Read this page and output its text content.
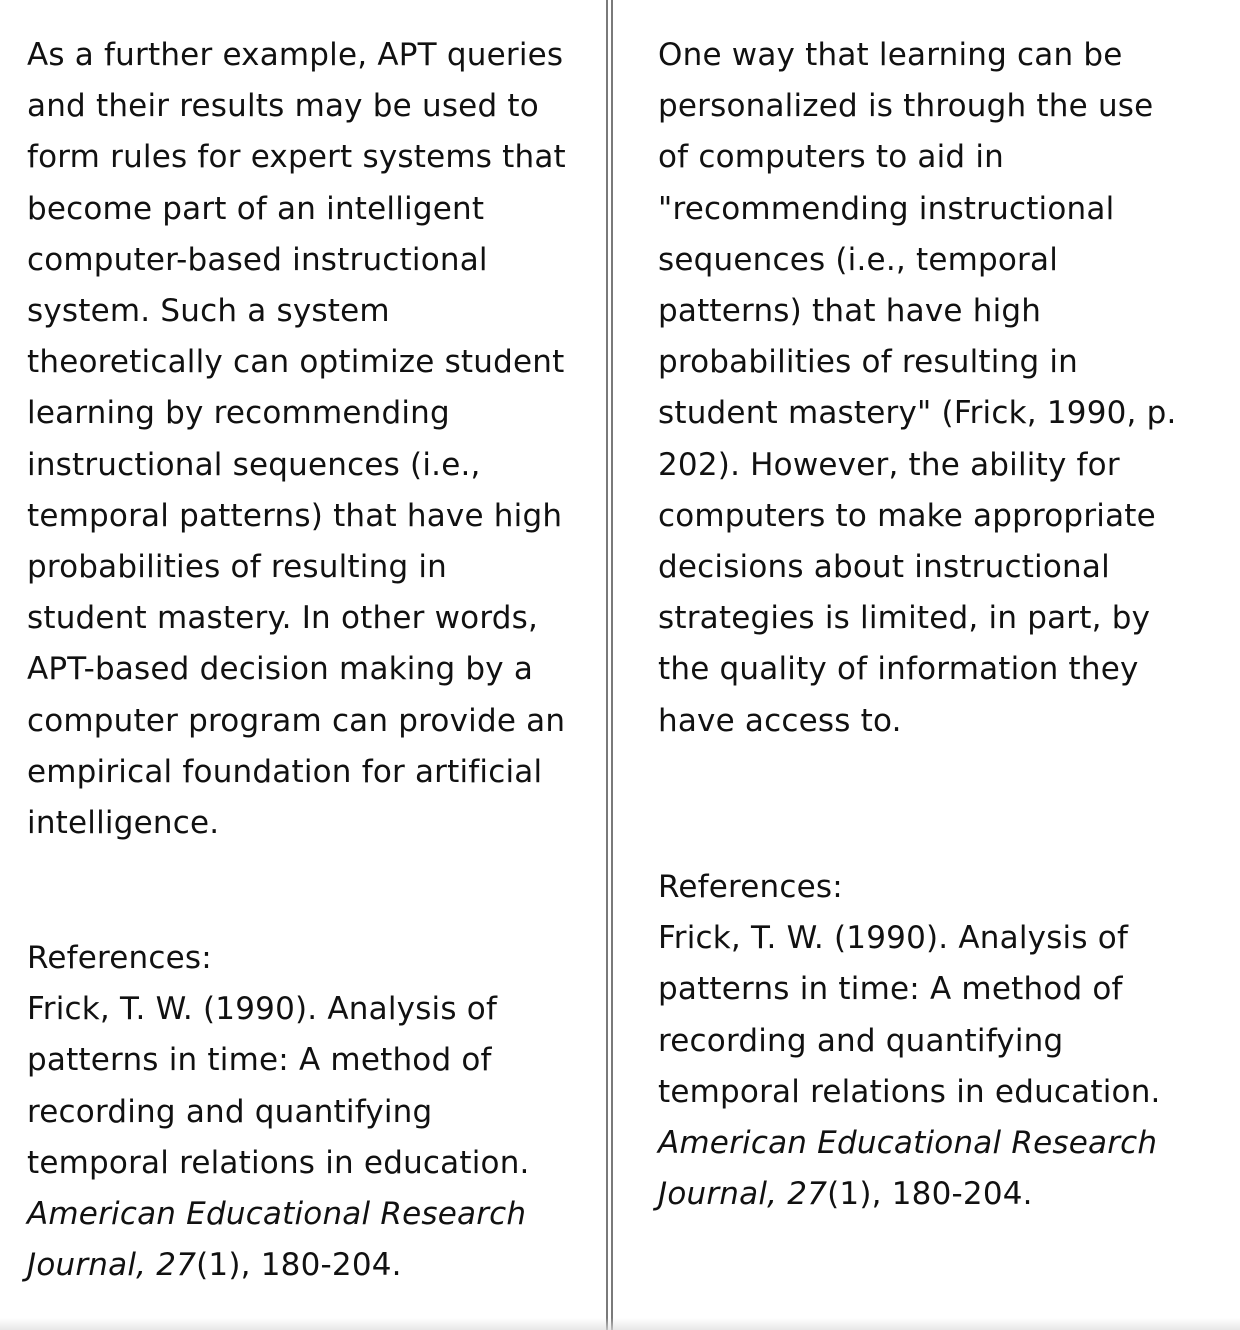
As a further example, APT queries and their results may be used to form rules for expert systems that become part of an intelligent computer-based instructional system. Such a system theoretically can optimize student learning by recommending instructional sequences (i.e., temporal patterns) that have high probabilities of resulting in student mastery. In other words, APT-based decision making by a computer program can provide an empirical foundation for artificial intelligence.
References:
Frick, T. W. (1990). Analysis of patterns in time: A method of recording and quantifying temporal relations in education. American Educational Research Journal, 27(1), 180-204.
One way that learning can be personalized is through the use of computers to aid in "recommending instructional sequences (i.e., temporal patterns) that have high probabilities of resulting in student mastery" (Frick, 1990, p. 202). However, the ability for computers to make appropriate decisions about instructional strategies is limited, in part, by the quality of information they have access to.
References:
Frick, T. W. (1990). Analysis of patterns in time: A method of recording and quantifying temporal relations in education. American Educational Research Journal, 27(1), 180-204.
